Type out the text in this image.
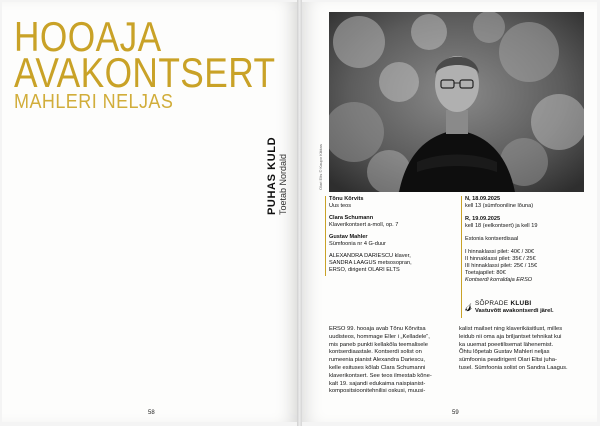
HOOAJA
AVAKONTSERT
MAHLERI NELJAS
PUHAS KULD Toetab Nordald
58
Olari Elts © Kaupo Kikkas
Tõnu Kõrvits
Uus teos
Clara Schumann
Klaverikontsert a-moll, op. 7
Gustav Mahler
Sümfoonia nr 4 G-duur
ALEXANDRA DARIESCU klaver,
SANDRA LAAGUS metsosopran,
ERSO, dirigent OLARI ELTS
N, 18.09.2025
kell 13 (sümfooniline lõuna)
R, 19.09.2025
kell 18 (eelkontsert) ja kell 19
Estonia kontserdisaal
I hinnaklassi pilet: 40€ / 30€
II hinnaklassi pilet: 35€ / 25€
III hinnaklassi pilet: 25€ / 15€
Toetajapilet: 80€
Kontserdi korraldaja ERSO
𝓈 SÕPRADE KLUBI
Vastuvõtt avakontserdi järel.
ERSO 99. hooaja avab Tõnu Kõrvitsa
uudisteos, hommage Eller i „Kelladele“,
mis paneb punkti kellakõla teemalisele
kontserdiaastale. Kontserdi solist on
rumeenia pianist Alexandra Dariescu,
kelle esituses kõlab Clara Schumanni
klaverikontsert. See teos ilmestab kõne-
kalt 19. sajandi edukaima naispianist-
kompositsioonitehnilisi oskusi, muusi-
kalist mailset ning klaverikäsitlust, milles
leidub nii oma aja briljantset tehnikat kui
ka uuemat poeetilisemat lähenemist.
Õhtu lõpetab Gustav Mahleri neljas
sümfoonia peadirigent Olari Eltsi juha-
tusel. Sümfoonia solist on Sandra Laagus.
59
